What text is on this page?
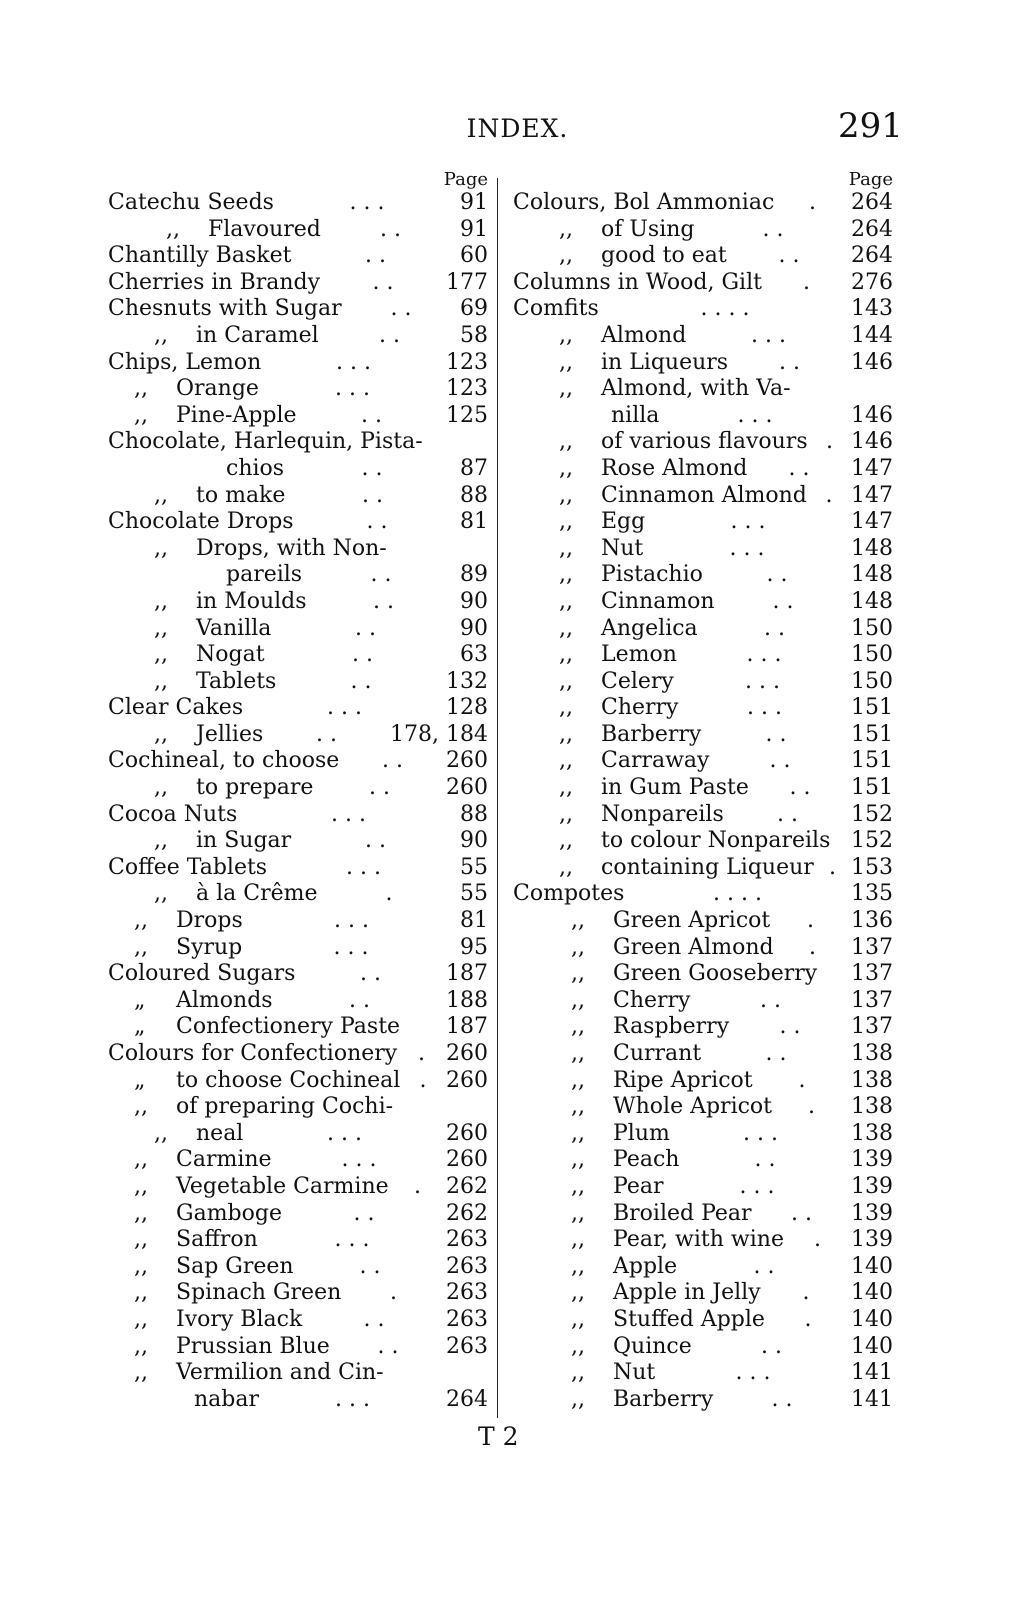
INDEX.	291
Page
Catechu Seeds	. . .	91
,, Flavoured	. .	91
Chantilly Basket	. .	60
Cherries in Brandy . . 177
Chesnuts with Sugar . . 69
,, in Caramel	. .	58
Chips, Lemon	. . .	123
,, Orange	. . .	123
,, Pine-Apple	. .	125
Chocolate, Harlequin, Pista-
chios	. .	87
,, to make	. .	88
Chocolate Drops	. .	81
,, Drops, with Non-
pareils	. .	89
,, in Moulds	. .	90
,, Vanilla	. .	90
,, Nogat	. .	63
,, Tablets	. .	132
Clear Cakes	. . .	128
,, Jellies . . 178, 184
Cochineal, to choose . . 260
,, to prepare	. .	260
Cocoa Nuts	. . .	88
,, in Sugar	. .	90
Coffee Tablets	. . .	55
,, à la Crême	.	55
,, Drops	. . .	81
,, Syrup	. . .	95
Coloured Sugars	. .	187
„ Almonds	. .	188
„ Confectionery Paste 187
Colours for Confectionery . 260
„ to choose Cochineal . 260
,, of preparing Cochi-
,, neal	. . .	260
,, Carmine	. . .	260
,, Vegetable Carmine . 262
,, Gamboge	. .	262
,, Saffron	. . .	263
,, Sap Green	. .	263
,, Spinach Green . 263
,, Ivory Black	. .	263
,, Prussian Blue . . 263
,, Vermilion and Cin-
nabar	. . .	264
Page
Colours, Bol Ammoniac . 264
,, of Using	. .	264
,, good to eat . . 264
Columns in Wood, Gilt . 276
Comfits	. . . .	143
,, Almond	. . .	144
,, in Liqueurs . . 146
,, Almond, with Va-
nilla	. . .	146
,, of various flavours . 146
,, Rose Almond . . 147
,, Cinnamon Almond . 147
,, Egg	. . .	147
,, Nut	. . .	148
,, Pistachio	. .	148
,, Cinnamon	. .	148
,, Angelica	. .	150
,, Lemon	. . .	150
,, Celery	. . .	150
,, Cherry	. . .	151
,, Barberry	. .	151
,, Carraway	. .	151
,, in Gum Paste . . 151
,, Nonpareils . . 152
,, to colour Nonpareils 152
,, containing Liqueur . 153
Compotes	. . . .	135
,, Green Apricot . 136
,, Green Almond . 137
,, Green Gooseberry 137
,, Cherry	. .	137
,, Raspberry . . 137
,, Currant	. .	138
,, Ripe Apricot . 138
,, Whole Apricot . 138
,, Plum	. . .	138
,, Peach	. .	139
,, Pear	. . .	139
,, Broiled Pear . . 139
,, Pear, with wine . 139
,, Apple	. .	140
,, Apple in Jelly . 140
,, Stuffed Apple . 140
,, Quince	. .	140
,, Nut	. . .	141
,, Barberry	. .	141
T 2
